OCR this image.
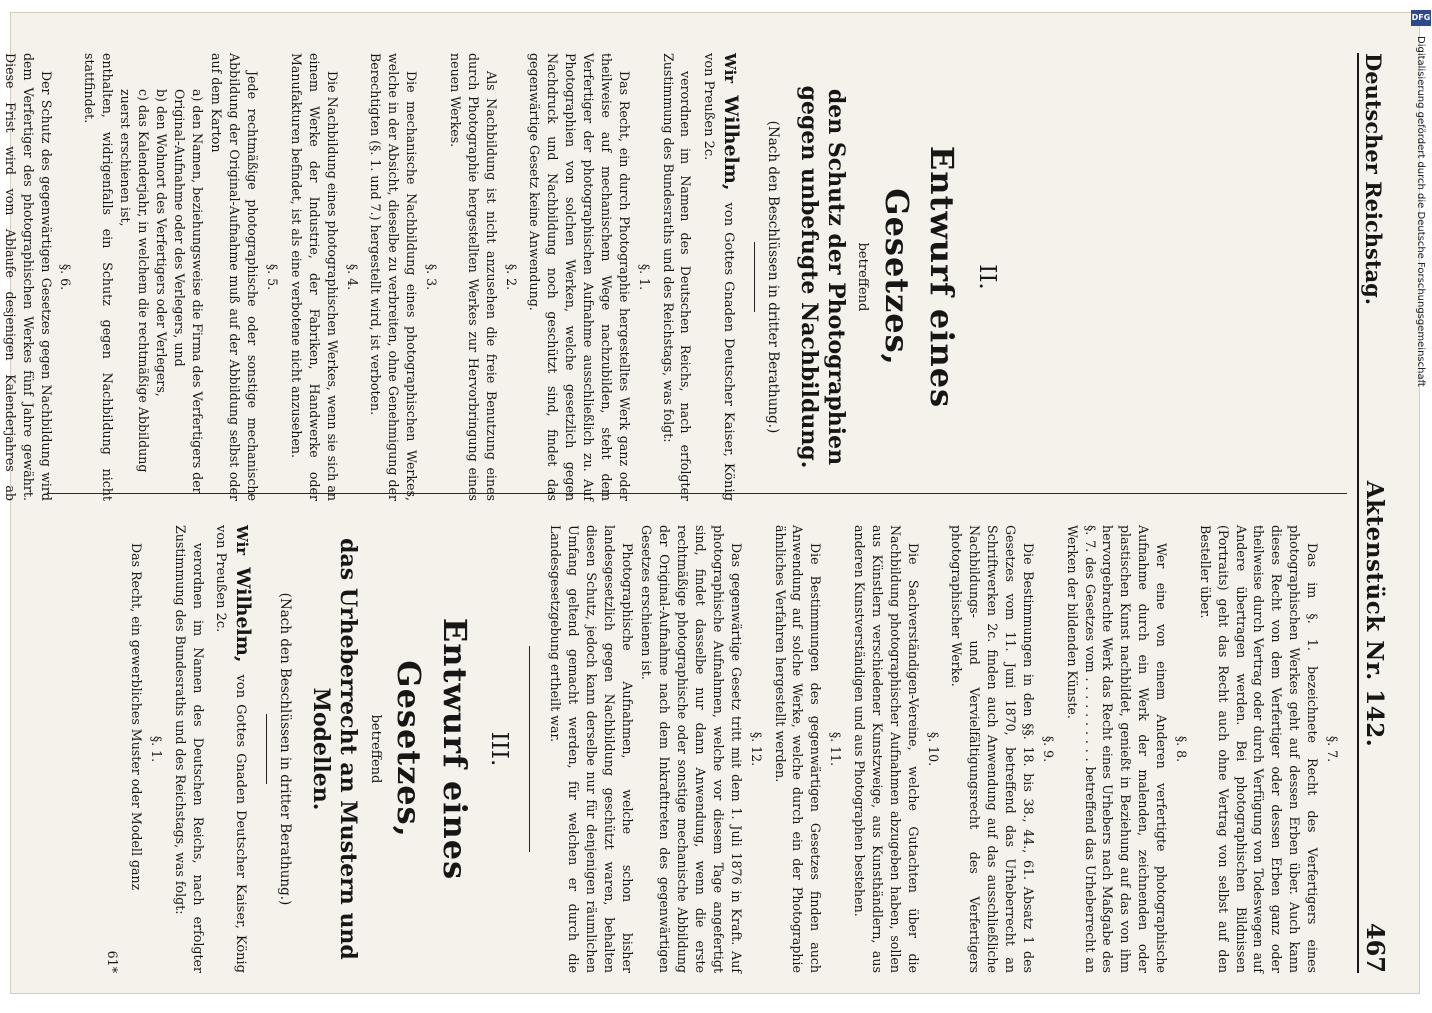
Deutscher Reichstag.
Aktenstück Nr. 142.
467
II.
Entwurf eines Gesetzes,
betreffend
den Schutz der Photographien gegen unbefugte Nachbildung.
(Nach den Beschlüssen in dritter Berathung.)
Wir Wilhelm, von Gottes Gnaden Deutscher Kaiser, König von Preußen 2c.

verordnen im Namen des Deutschen Reichs, nach erfolgter Zustimmung des Bundesraths und des Reichstags, was folgt:

§. 1.

Das Recht, ein durch Photographie hergestelltes Werk ganz oder theilweise auf mechanischem Wege nachzubilden, steht dem Verfertiger der photographischen Aufnahme ausschließlich zu. Auf Photographien von solchen Werken, welche gesetzlich gegen Nachdruck und Nachbildung noch geschützt sind, findet das gegenwärtige Gesetz keine Anwendung.

§. 2.

Als Nachbildung ist nicht anzusehen die freie Benutzung eines durch Photographie hergestellten Werkes zur Hervorbringung eines neuen Werkes.

§. 3.

Die mechanische Nachbildung eines photographischen Werkes, welche in der Absicht, dieselbe zu verbreiten, ohne Genehmigung der Berechtigten (§. 1. und 7.) hergestellt wird, ist verboten.

§. 4.

Die Nachbildung eines photographischen Werkes, wenn sie sich an einem Werke der Industrie, der Fabriken, Handwerke oder Manufakturen befindet, ist als eine verbotene nicht anzusehen.

§. 5.

Jede rechtmäßige photographische oder sonstige mechanische Abbildung der Original-Aufnahme muß auf der Abbildung selbst oder auf dem Karton

a) den Namen, beziehungsweise die Firma des Verfertigers der Original-Aufnahme oder des Verlegers, und

b) den Wohnort des Verfertigers oder Verlegers,

c) das Kalenderjahr, in welchem die rechtmäßige Abbildung zuerst erschienen ist,

enthalten, widrigenfalls ein Schutz gegen Nachbildung nicht stattfindet.

§. 6.

Der Schutz des gegenwärtigen Gesetzes gegen Nachbildung wird dem Verfertiger des photographischen Werkes fünf Jahre gewährt. Diese Frist wird vom Ablaufe desjenigen Kalenderjahres ab

§. 7.

Das im §. 1. bezeichnete Recht des Verfertigers eines photographischen Werkes geht auf dessen Erben über. Auch kann dieses Recht von dem Verfertiger oder dessen Erben ganz oder theilweise durch Vertrag oder durch Verfügung von Todeswegen auf Andere übertragen werden. Bei photographischen Bildnissen (Portraits) geht das Recht auch ohne Vertrag von selbst auf den Besteller über.

§. 8.

Wer eine von einem Anderen verfertigte photographische Aufnahme durch ein Werk der malenden, zeichnenden oder plastischen Kunst nachbildet, genießt in Beziehung auf das von ihm hervorgebrachte Werk das Recht eines Urhebers nach Maßgabe des §. 7. des Gesetzes vom . . . . . . . . . . betreffend das Urheberrecht an Werken der bildenden Künste.

§. 9.

Die Bestimmungen in den §§. 18. bis 38., 44., 61. Absatz 1 des Gesetzes vom 11. Juni 1870, betreffend das Urheberrecht an Schriftwerken 2c. finden auch Anwendung auf das ausschließliche Nachbildungs- und Vervielfältigungsrecht des Verfertigers photographischer Werke.

§. 10.

Die Sachverständigen-Vereine, welche Gutachten über die Nachbildung photographischer Aufnahmen abzugeben haben, sollen aus Künstlern verschiedener Kunstzweige, aus Kunsthändlern, aus anderen Kunstverständigen und aus Photographen bestehen.

§. 11.

Die Bestimmungen des gegenwärtigen Gesetzes finden auch Anwendung auf solche Werke, welche durch ein der Photographie ähnliches Verfahren hergestellt werden.

§. 12.

Das gegenwärtige Gesetz tritt mit dem 1. Juli 1876 in Kraft. Auf photographische Aufnahmen, welche vor diesem Tage angefertigt sind, findet dasselbe nur dann Anwendung, wenn die erste rechtmäßige photographische oder sonstige mechanische Abbildung der Original-Aufnahme nach dem Inkrafttreten des gegenwärtigen Gesetzes erschienen ist.

Photographische Aufnahmen, welche schon bisher landesgesetzlich gegen Nachbildung geschützt waren, behalten diesen Schutz, jedoch kann derselbe nur für denjenigen räumlichen Umfang geltend gemacht werden, für welchen er durch die Landesgesetzgebung ertheilt war.

III.
Entwurf eines Gesetzes,
betreffend
das Urheberrecht an Mustern und Modellen.
(Nach den Beschlüssen in dritter Berathung.)
Wir Wilhelm, von Gottes Gnaden Deutscher Kaiser, König von Preußen 2c.

verordnen im Namen des Deutschen Reichs, nach erfolgter Zustimmung des Bundesraths und des Reichstags, was folgt:

§. 1.

Das Recht, ein gewerbliches Muster oder Modell ganz

61*
DFG
Digitalisierung gefördert durch die Deutsche Forschungsgemeinschaft
